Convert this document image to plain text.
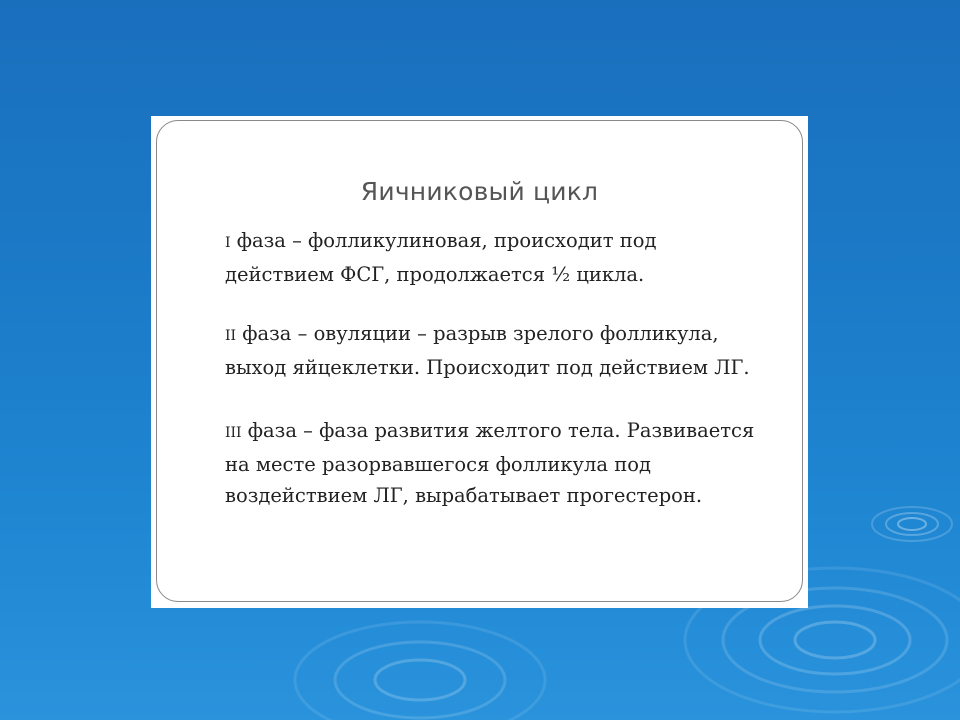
Яичниковый цикл

I фаза – фолликулиновая, происходит под
действием ФСГ, продолжается ½ цикла.

II фаза – овуляции – разрыв зрелого фолликула,
выход яйцеклетки. Происходит под действием ЛГ.

III фаза – фаза развития желтого тела. Развивается
на месте разорвавшегося фолликула под
воздействием ЛГ, вырабатывает прогестерон.
